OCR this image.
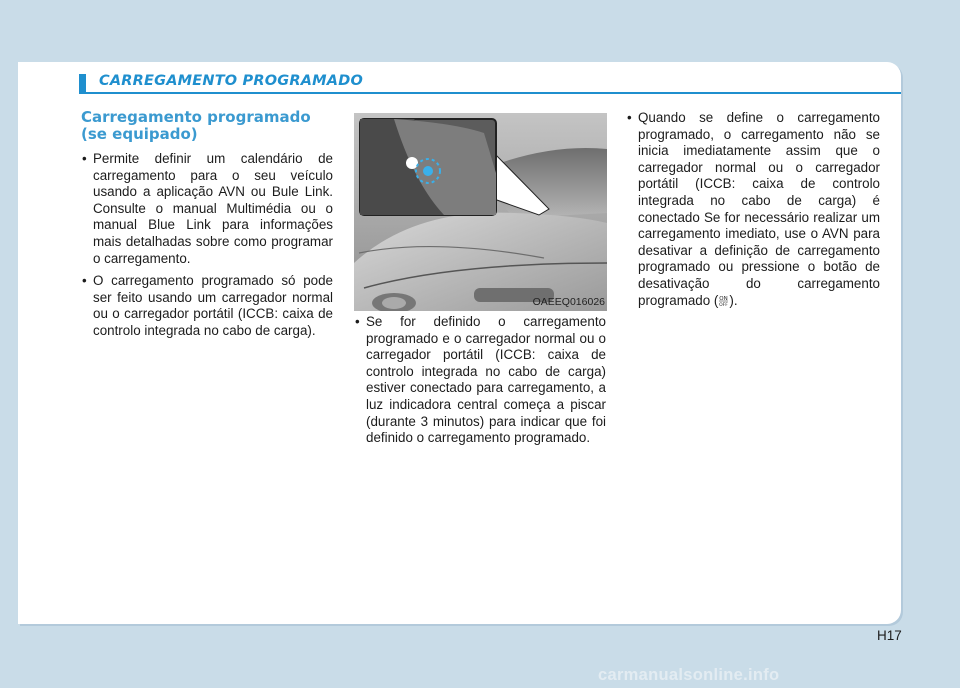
CARREGAMENTO PROGRAMADO
Carregamento programado
(se equipado)

• Permite definir um calendário de carregamento para o seu veículo usando a aplicação AVN ou Bule Link. Consulte o manual Multimédia ou o manual Blue Link para informações mais detalhadas sobre como programar o carregamento.

• O carregamento programado só pode ser feito usando um carregador normal ou o carregador portátil (ICCB: caixa de controlo integrada no cabo de carga).

OAEEQ016026

• Se for definido o carregamento programado e o carregador normal ou o carregador portátil (ICCB: caixa de controlo integrada no cabo de carga) estiver conectado para carregamento, a luz indicadora central começa a piscar (durante 3 minutos) para indicar que foi definido o carregamento programado.

• Quando se define o carregamento programado, o carregamento não se inicia imediatamente assim que o carregador normal ou o carregador portátil (ICCB: caixa de controlo integrada no cabo de carga) é conectado Se for necessário realizar um carregamento imediato, use o AVN para desativar a definição de carregamento programado ou pressione o botão de desativação do carregamento programado ( ON
OFF ).

H17
carmanualsonline.info
